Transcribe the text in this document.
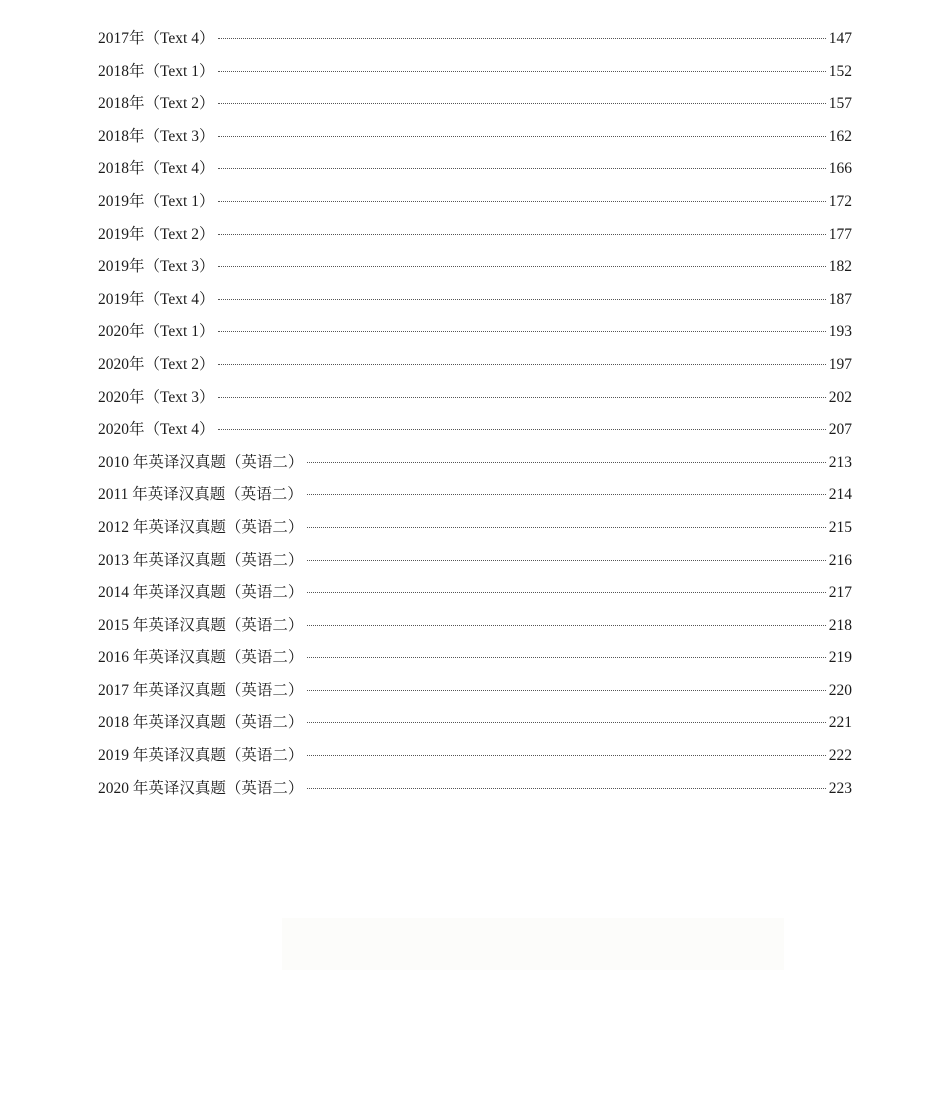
2017年（Text 4）	147
2018年（Text 1）	152
2018年（Text 2）	157
2018年（Text 3）	162
2018年（Text 4）	166
2019年（Text 1）	172
2019年（Text 2）	177
2019年（Text 3）	182
2019年（Text 4）	187
2020年（Text 1）	193
2020年（Text 2）	197
2020年（Text 3）	202
2020年（Text 4）	207
2010 年英译汉真题（英语二）	213
2011 年英译汉真题（英语二）	214
2012 年英译汉真题（英语二）	215
2013 年英译汉真题（英语二）	216
2014 年英译汉真题（英语二）	217
2015 年英译汉真题（英语二）	218
2016 年英译汉真题（英语二）	219
2017 年英译汉真题（英语二）	220
2018 年英译汉真题（英语二）	221
2019 年英译汉真题（英语二）	222
2020 年英译汉真题（英语二）	223
